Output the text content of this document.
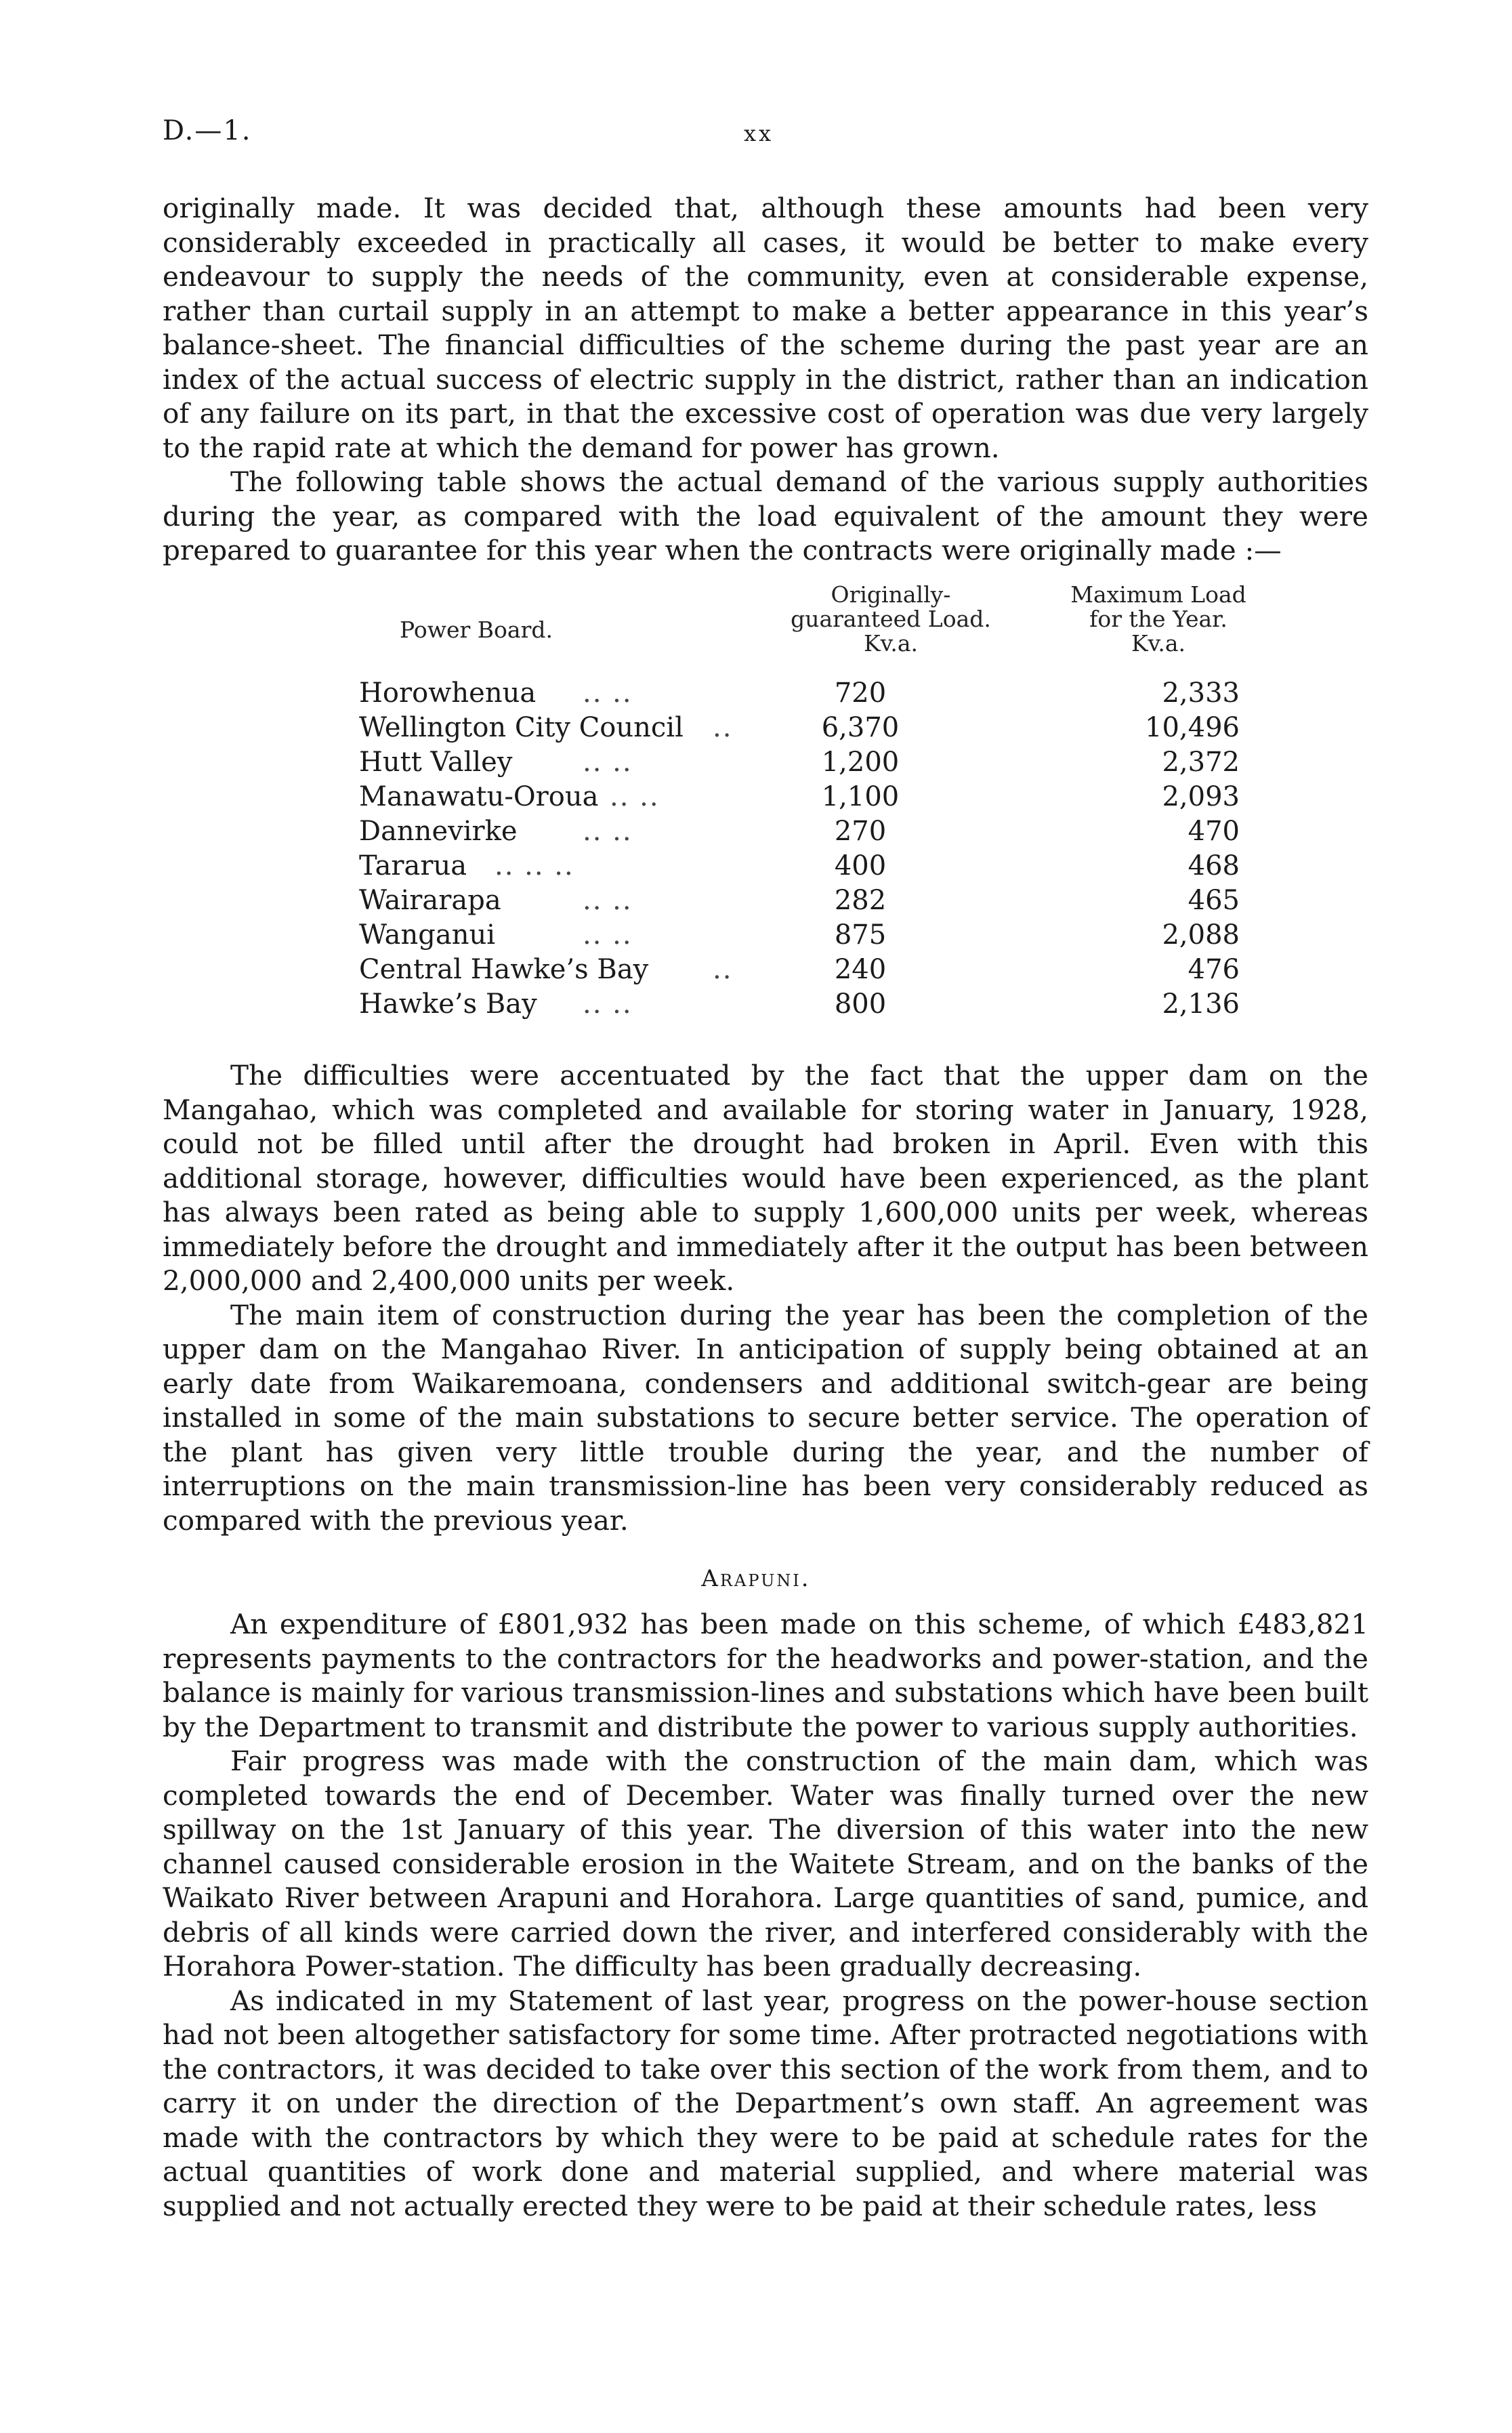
D.—1.	xx

originally made. It was decided that, although these amounts had been very considerably exceeded in practically all cases, it would be better to make every endeavour to supply the needs of the community, even at considerable expense, rather than curtail supply in an attempt to make a better appearance in this year’s balance-sheet. The financial difficulties of the scheme during the past year are an index of the actual success of electric supply in the district, rather than an indication of any failure on its part, in that the excessive cost of operation was due very largely to the rapid rate at which the demand for power has grown.

The following table shows the actual demand of the various supply authorities during the year, as compared with the load equivalent of the amount they were prepared to guarantee for this year when the contracts were originally made :—

Power Board.
Originally-
guaranteed Load.
Kv.a.
Maximum Load
for the Year.
Kv.a.
Horowhenua .. ..	720	2,333
Wellington City Council ..	6,370	10,496
Hutt Valley	.. ..	1,200	2,372
Manawatu-Oroua .. ..	1,100	2,093
Dannevirke .. ..	270	470
Tararua .. .. ..	400	468
Wairarapa	.. ..	282	465
Wanganui	.. ..	875	2,088
Central Hawke’s Bay ..	240	476
Hawke’s Bay .. ..	800	2,136

The difficulties were accentuated by the fact that the upper dam on the Mangahao, which was completed and available for storing water in January, 1928, could not be filled until after the drought had broken in April. Even with this additional storage, however, difficulties would have been experienced, as the plant has always been rated as being able to supply 1,600,000 units per week, whereas immediately before the drought and immediately after it the output has been between 2,000,000 and 2,400,000 units per week.

The main item of construction during the year has been the completion of the upper dam on the Mangahao River. In anticipation of supply being obtained at an early date from Waikaremoana, condensers and additional switch-gear are being installed in some of the main substations to secure better service. The operation of the plant has given very little trouble during the year, and the number of interruptions on the main transmission-line has been very considerably reduced as compared with the previous year.

Arapuni.

An expenditure of £801,932 has been made on this scheme, of which £483,821 represents payments to the contractors for the headworks and power-station, and the balance is mainly for various transmission-lines and substations which have been built by the Department to transmit and distribute the power to various supply authorities.

Fair progress was made with the construction of the main dam, which was completed towards the end of December. Water was finally turned over the new spillway on the 1st January of this year. The diversion of this water into the new channel caused considerable erosion in the Waitete Stream, and on the banks of the Waikato River between Arapuni and Horahora. Large quantities of sand, pumice, and debris of all kinds were carried down the river, and interfered considerably with the Horahora Power-station. The difficulty has been gradually decreasing.

As indicated in my Statement of last year, progress on the power-house section had not been altogether satisfactory for some time. After protracted negotiations with the contractors, it was decided to take over this section of the work from them, and to carry it on under the direction of the Department’s own staff. An agreement was made with the contractors by which they were to be paid at schedule rates for the actual quantities of work done and material supplied, and where material was supplied and not actually erected they were to be paid at their schedule rates, less
